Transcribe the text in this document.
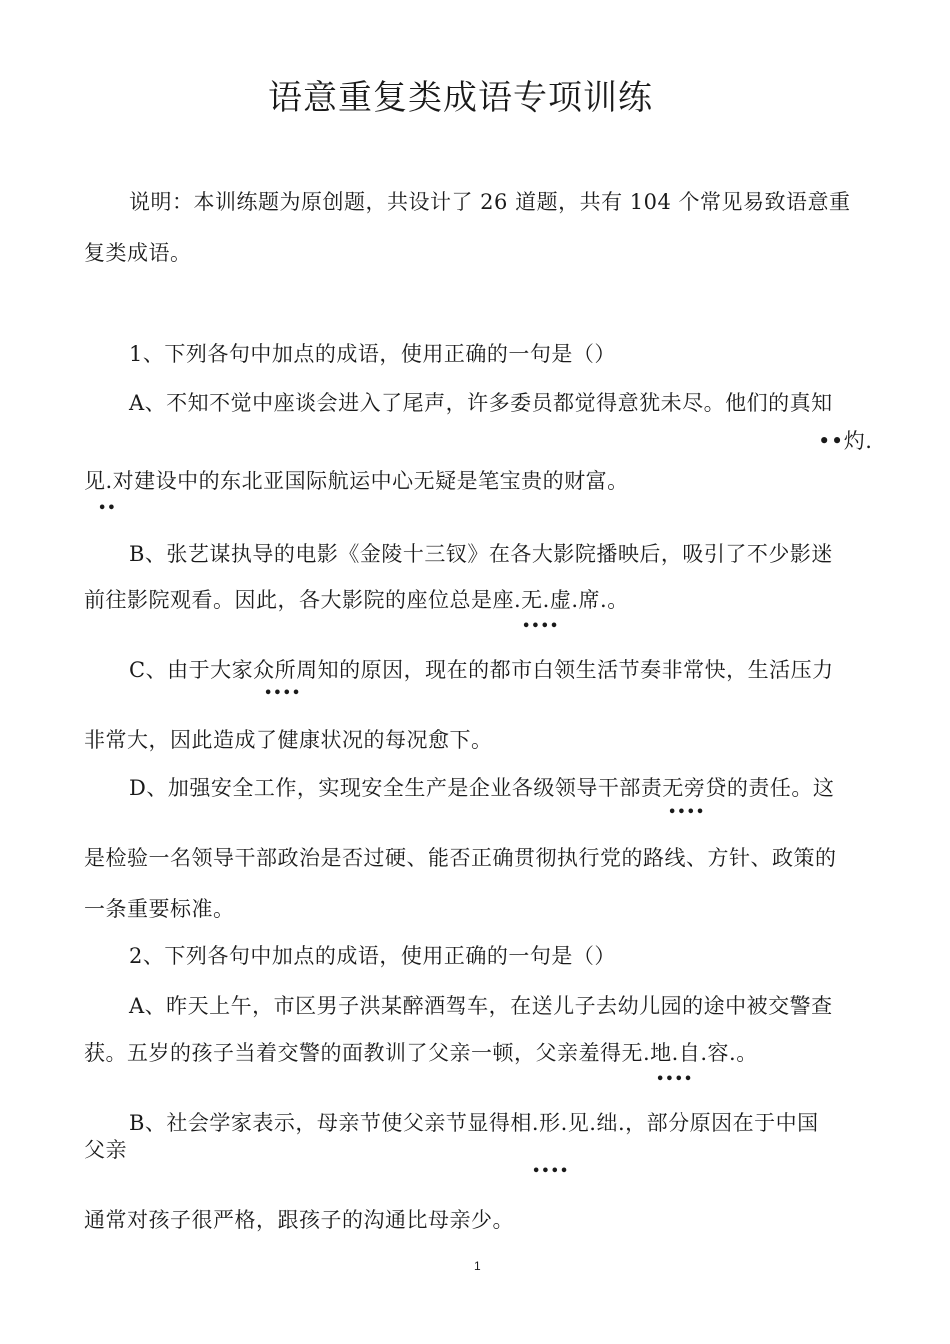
语意重复类成语专项训练
说明：本训练题为原创题，共设计了 26 道题，共有 104 个常见易致语意重
复类成语。
1、下列各句中加点的成语，使用正确的一句是（）
A、不知不觉中座谈会进入了尾声，许多委员都觉得意犹未尽。他们的真知
••灼.
见.对建设中的东北亚国际航运中心无疑是笔宝贵的财富。
••
B、张艺谋执导的电影《金陵十三钗》在各大影院播映后，吸引了不少影迷
前往影院观看。因此，各大影院的座位总是座.无.虚.席.。
••••
C、由于大家众所周知的原因，现在的都市白领生活节奏非常快，生活压力
••••
非常大，因此造成了健康状况的每况愈下。
D、加强安全工作，实现安全生产是企业各级领导干部责无旁贷的责任。这
••••
是检验一名领导干部政治是否过硬、能否正确贯彻执行党的路线、方针、政策的
一条重要标准。
2、下列各句中加点的成语，使用正确的一句是（）
A、昨天上午，市区男子洪某醉酒驾车，在送儿子去幼儿园的途中被交警查
获。五岁的孩子当着交警的面教训了父亲一顿，父亲羞得无.地.自.容.。
••••
B、社会学家表示，母亲节使父亲节显得相.形.见.绌.，部分原因在于中国
父亲
••••
通常对孩子很严格，跟孩子的沟通比母亲少。
1
